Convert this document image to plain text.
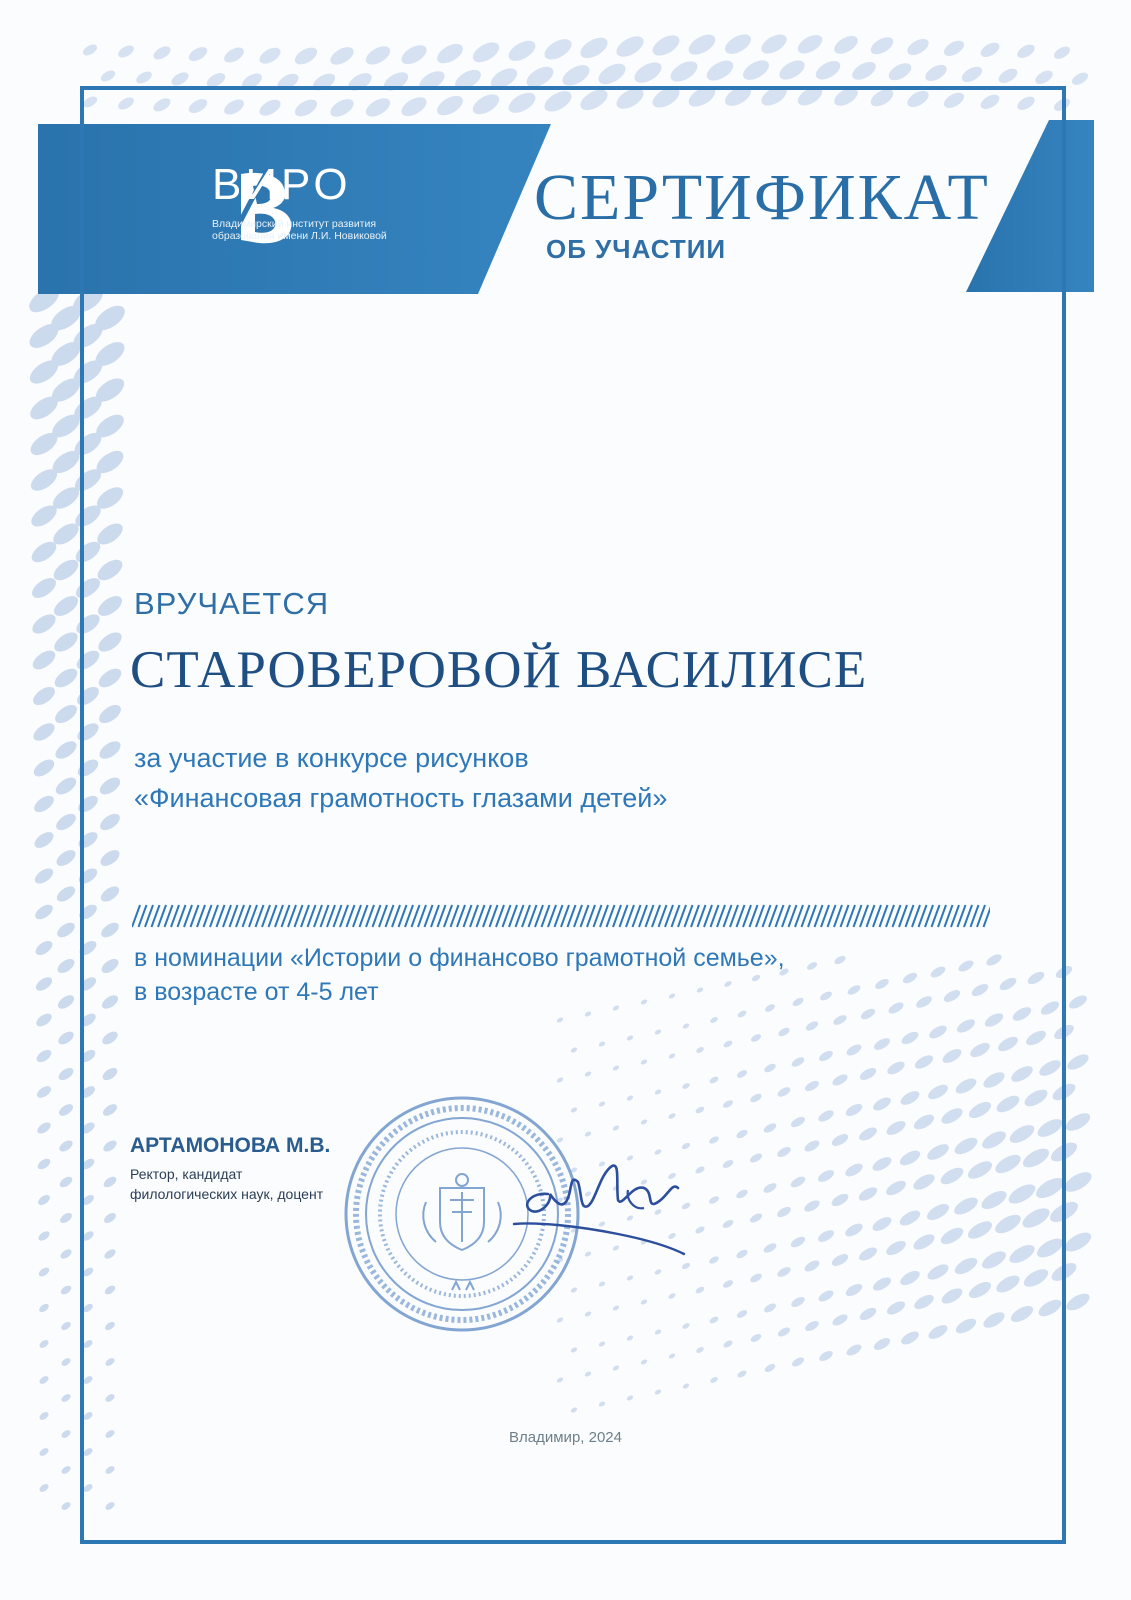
ВИРО
Владимирский институт развития образования имени Л.И. Новиковой
СЕРТИФИКАТ
ОБ УЧАСТИИ
ВРУЧАЕТСЯ
СТАРОВЕРОВОЙ ВАСИЛИСЕ
за участие в конкурсе рисунков
«Финансовая грамотность глазами детей»
в номинации «Истории о финансово грамотной семье»,
в возрасте от 4-5 лет
АРТАМОНОВА М.В.
Ректор, кандидат
филологических наук, доцент
Владимир, 2024
